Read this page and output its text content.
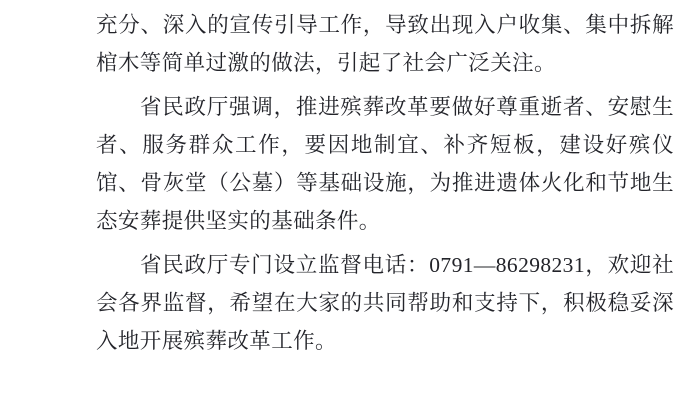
充分、深入的宣传引导工作，导致出现入户收集、集中拆解棺木等简单过激的做法，引起了社会广泛关注。

省民政厅强调，推进殡葬改革要做好尊重逝者、安慰生者、服务群众工作，要因地制宜、补齐短板，建设好殡仪馆、骨灰堂（公墓）等基础设施，为推进遗体火化和节地生态安葬提供坚实的基础条件。

省民政厅专门设立监督电话：0791—86298231，欢迎社会各界监督，希望在大家的共同帮助和支持下，积极稳妥深入地开展殡葬改革工作。
